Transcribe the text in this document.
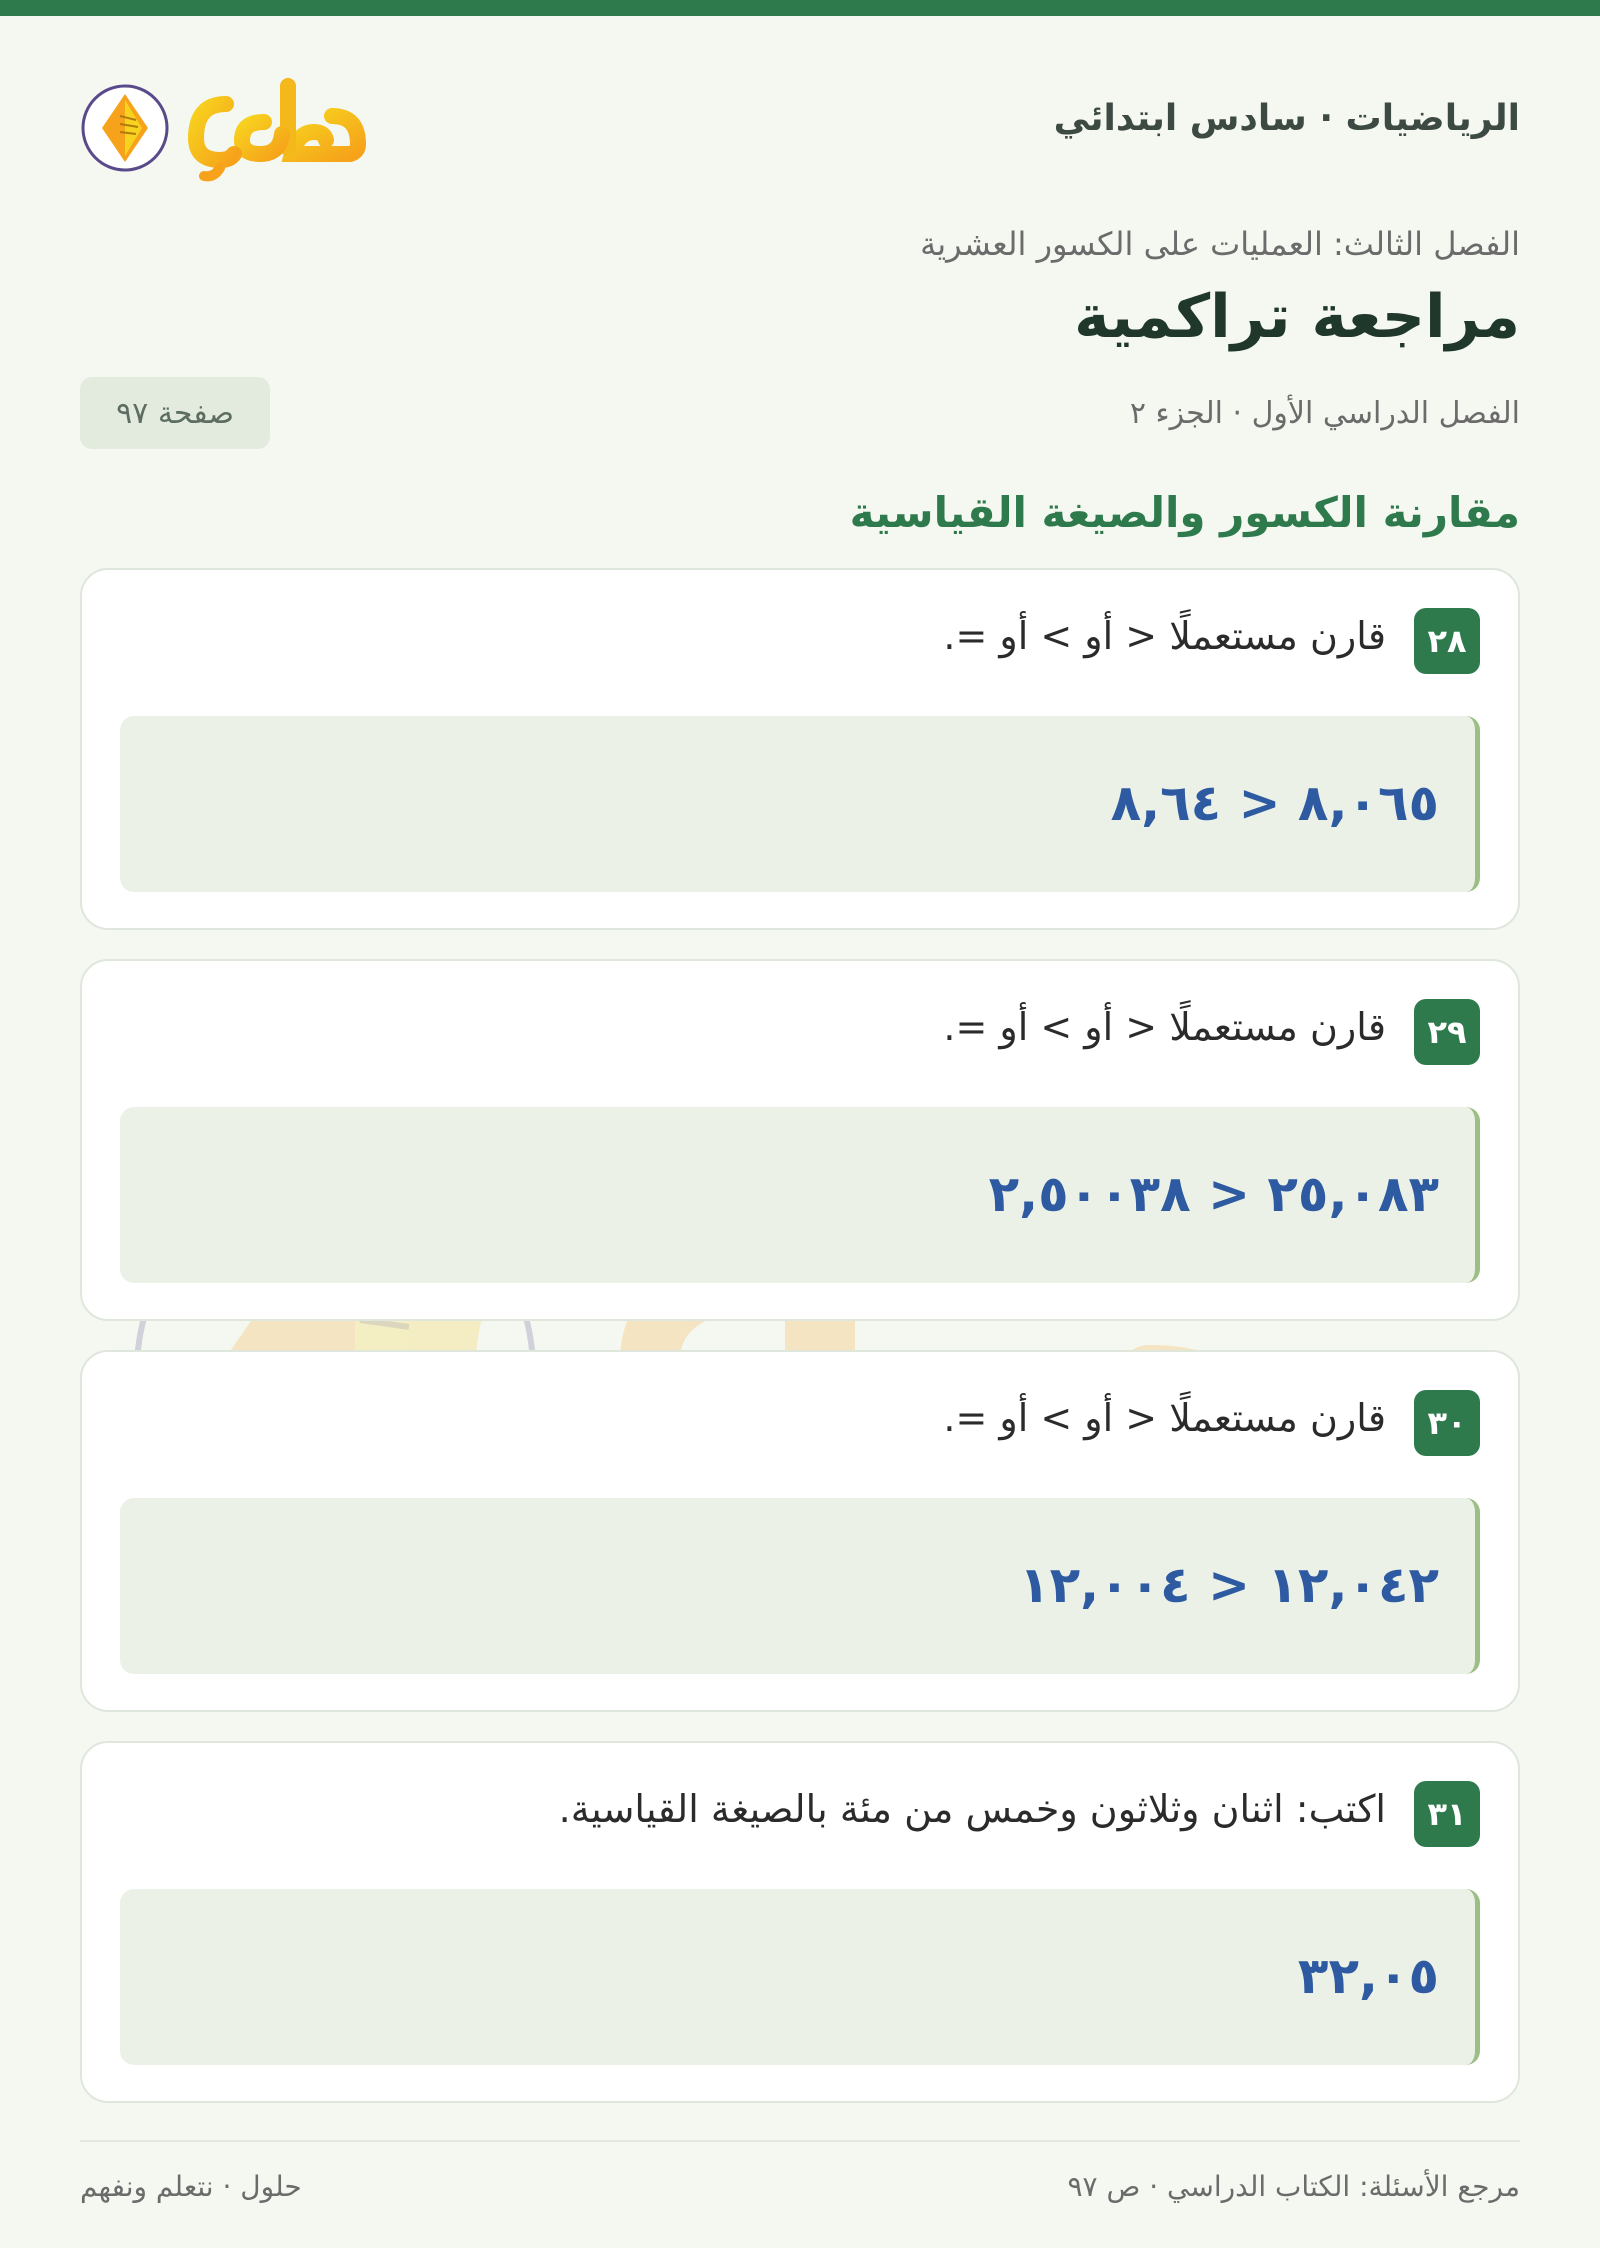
الرياضيات · سادس ابتدائي
الفصل الثالث: العمليات على الكسور العشرية
مراجعة تراكمية
الفصل الدراسي الأول · الجزء ٢
صفحة ٩٧
مقارنة الكسور والصيغة القياسية
٢٨
قارن مستعملًا < أو > أو =.
٨,٠٦٥ < ٨,٦٤
٢٩
قارن مستعملًا < أو > أو =.
٢٥,٠٨٣ < ٢,٥٠٠٣٨
٣٠
قارن مستعملًا < أو > أو =.
١٢,٠٤٢ < ١٢,٠٠٤
٣١
اكتب: اثنان وثلاثون وخمس من مئة بالصيغة القياسية.
٣٢,٠٥
مرجع الأسئلة: الكتاب الدراسي · ص ٩٧
حلول · نتعلم ونفهم
